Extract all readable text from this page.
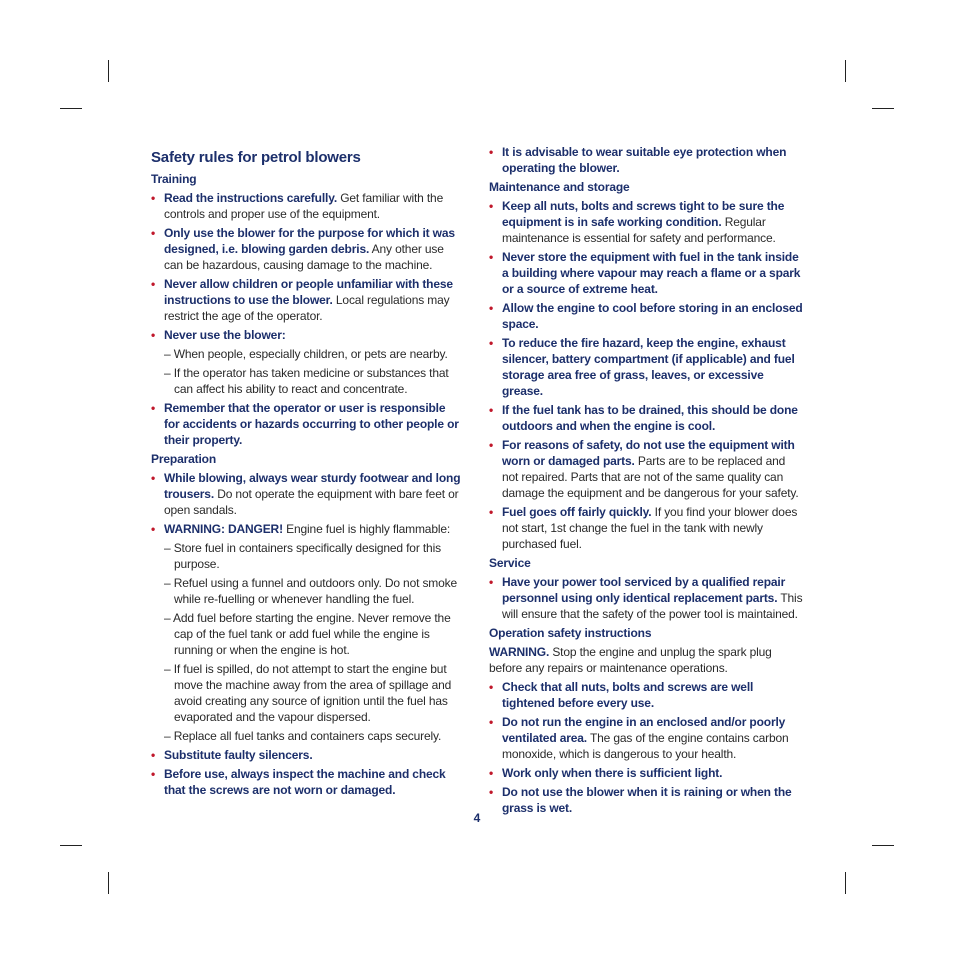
Safety rules for petrol blowers
Training
• Read the instructions carefully. Get familiar with the controls and proper use of the equipment.
• Only use the blower for the purpose for which it was designed, i.e. blowing garden debris. Any other use can be hazardous, causing damage to the machine.
• Never allow children or people unfamiliar with these instructions to use the blower. Local regulations may restrict the age of the operator.
• Never use the blower:
– When people, especially children, or pets are nearby.
– If the operator has taken medicine or substances that can affect his ability to react and concentrate.
• Remember that the operator or user is responsible for accidents or hazards occurring to other people or their property.
Preparation
• While blowing, always wear sturdy footwear and long trousers. Do not operate the equipment with bare feet or open sandals.
• WARNING: DANGER! Engine fuel is highly flammable:
– Store fuel in containers specifically designed for this purpose.
– Refuel using a funnel and outdoors only. Do not smoke while re-fuelling or whenever handling the fuel.
– Add fuel before starting the engine. Never remove the cap of the fuel tank or add fuel while the engine is running or when the engine is hot.
– If fuel is spilled, do not attempt to start the engine but move the machine away from the area of spillage and avoid creating any source of ignition until the fuel has evaporated and the vapour dispersed.
– Replace all fuel tanks and containers caps securely.
• Substitute faulty silencers.
• Before use, always inspect the machine and check that the screws are not worn or damaged.
• It is advisable to wear suitable eye protection when operating the blower.
Maintenance and storage
• Keep all nuts, bolts and screws tight to be sure the equipment is in safe working condition. Regular maintenance is essential for safety and performance.
• Never store the equipment with fuel in the tank inside a building where vapour may reach a flame or a spark or a source of extreme heat.
• Allow the engine to cool before storing in an enclosed space.
• To reduce the fire hazard, keep the engine, exhaust silencer, battery compartment (if applicable) and fuel storage area free of grass, leaves, or excessive grease.
• If the fuel tank has to be drained, this should be done outdoors and when the engine is cool.
• For reasons of safety, do not use the equipment with worn or damaged parts. Parts are to be replaced and not repaired. Parts that are not of the same quality can damage the equipment and be dangerous for your safety.
• Fuel goes off fairly quickly. If you find your blower does not start, 1st change the fuel in the tank with newly purchased fuel.
Service
• Have your power tool serviced by a qualified repair personnel using only identical replacement parts. This will ensure that the safety of the power tool is maintained.
Operation safety instructions
WARNING. Stop the engine and unplug the spark plug before any repairs or maintenance operations.
• Check that all nuts, bolts and screws are well tightened before every use.
• Do not run the engine in an enclosed and/or poorly ventilated area. The gas of the engine contains carbon monoxide, which is dangerous to your health.
• Work only when there is sufficient light.
• Do not use the blower when it is raining or when the grass is wet.
4
